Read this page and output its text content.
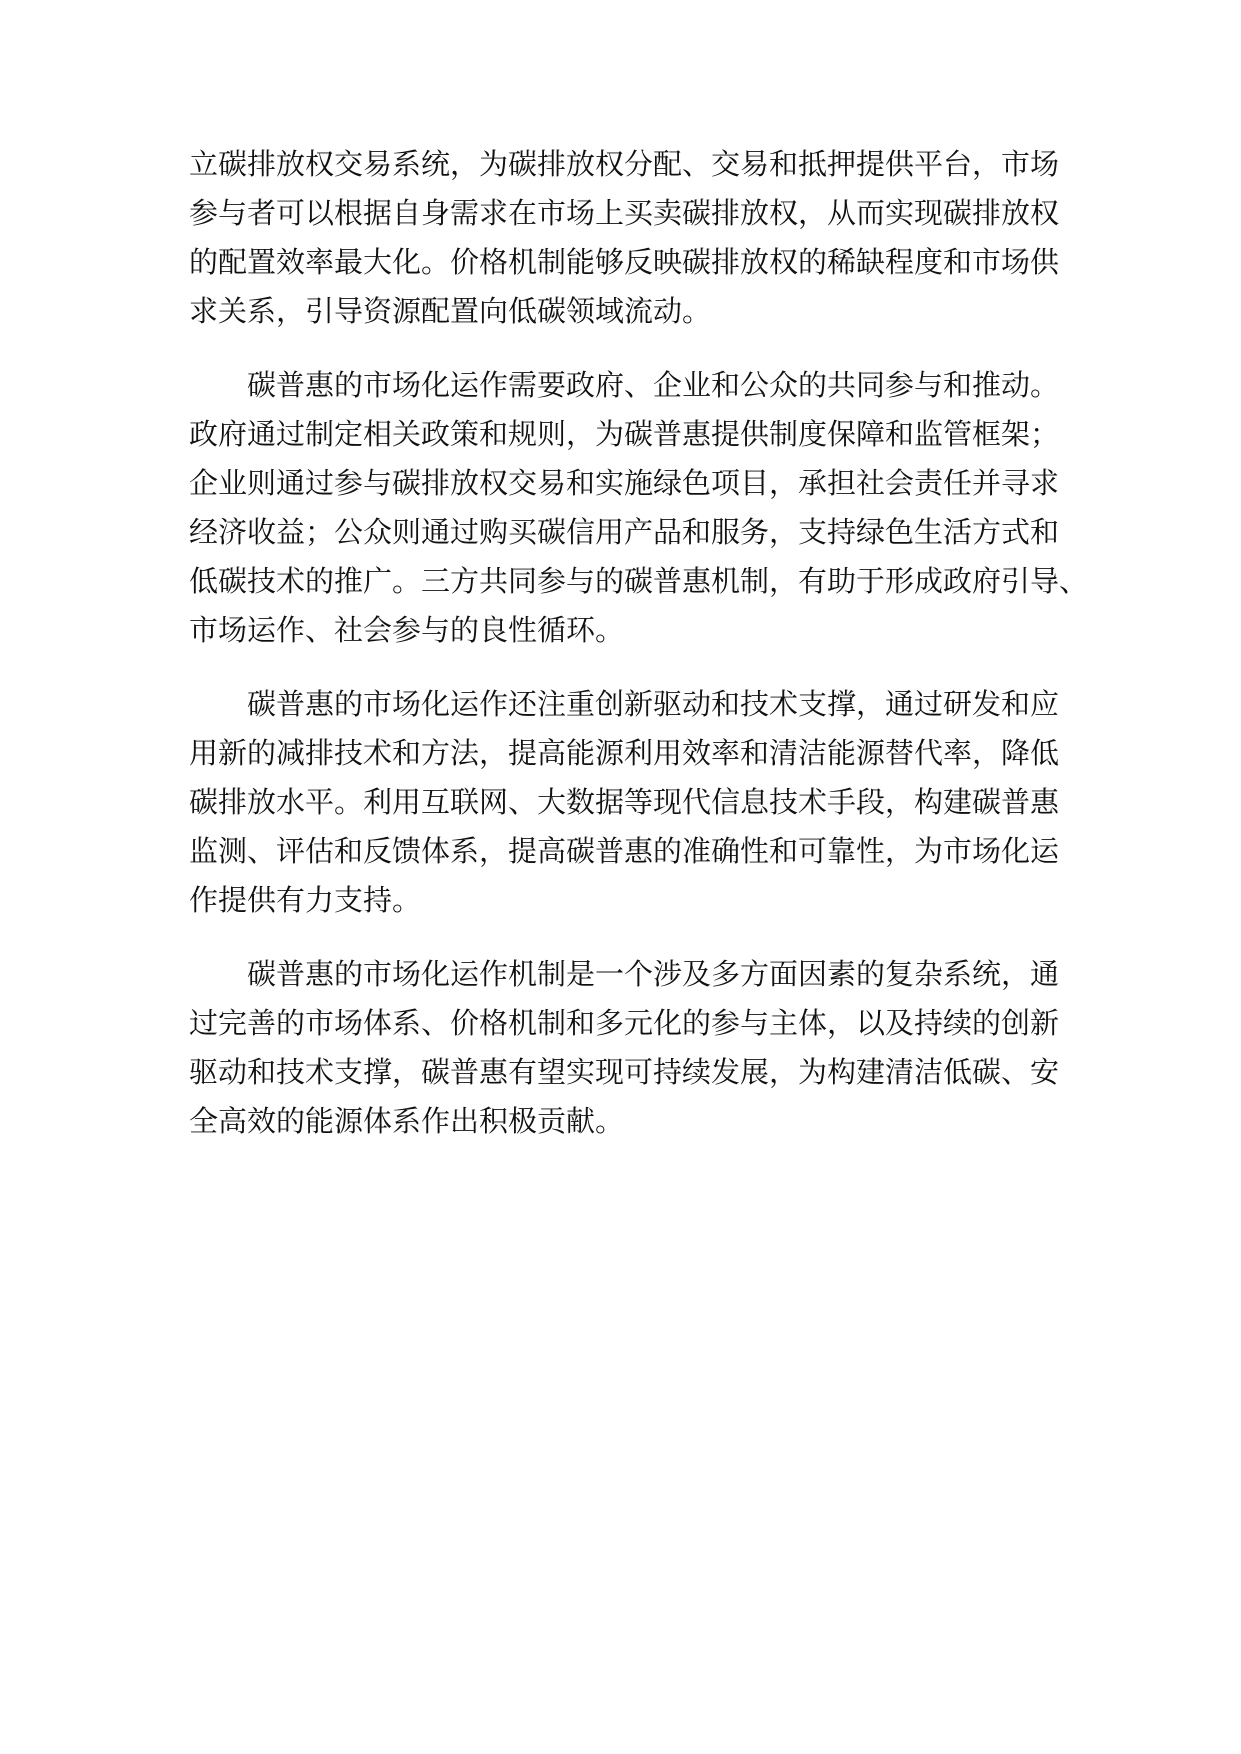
立碳排放权交易系统，为碳排放权分配、交易和抵押提供平台，市场
参与者可以根据自身需求在市场上买卖碳排放权，从而实现碳排放权
的配置效率最大化。价格机制能够反映碳排放权的稀缺程度和市场供
求关系，引导资源配置向低碳领域流动。
碳普惠的市场化运作需要政府、企业和公众的共同参与和推动。
政府通过制定相关政策和规则，为碳普惠提供制度保障和监管框架；
企业则通过参与碳排放权交易和实施绿色项目，承担社会责任并寻求
经济收益；公众则通过购买碳信用产品和服务，支持绿色生活方式和
低碳技术的推广。三方共同参与的碳普惠机制，有助于形成政府引导、
市场运作、社会参与的良性循环。
碳普惠的市场化运作还注重创新驱动和技术支撑，通过研发和应
用新的减排技术和方法，提高能源利用效率和清洁能源替代率，降低
碳排放水平。利用互联网、大数据等现代信息技术手段，构建碳普惠
监测、评估和反馈体系，提高碳普惠的准确性和可靠性，为市场化运
作提供有力支持。
碳普惠的市场化运作机制是一个涉及多方面因素的复杂系统，通
过完善的市场体系、价格机制和多元化的参与主体，以及持续的创新
驱动和技术支撑，碳普惠有望实现可持续发展，为构建清洁低碳、安
全高效的能源体系作出积极贡献。
